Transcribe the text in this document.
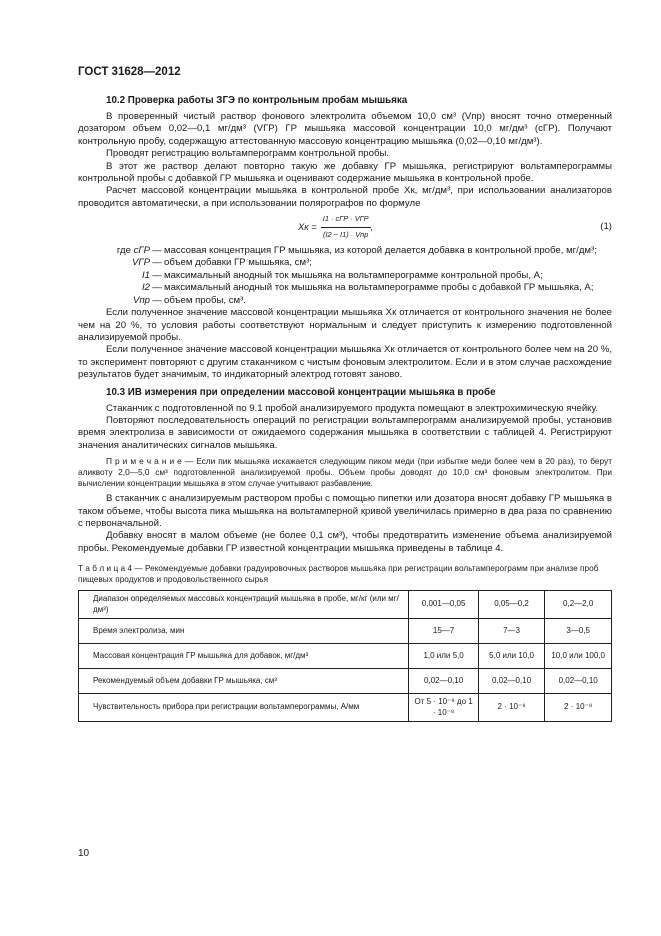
ГОСТ 31628—2012
10.2 Проверка работы ЗГЭ по контрольным пробам мышьяка

В проверенный чистый раствор фонового электролита объемом 10,0 см³ (Vпр) вносят точно отмеренный дозатором объем 0,02—0,1 мг/дм³ (VГР) ГР мышьяка массовой концентрации 10,0 мг/дм³ (cГР). Получают контрольную пробу, содержащую аттестованную массовую концентрацию мышьяка (0,02—0,10 мг/дм³).

Проводят регистрацию вольтамперограмм контрольной пробы.

В этот же раствор делают повторно такую же добавку ГР мышьяка, регистрируют вольтамперограммы контрольной пробы с добавкой ГР мышьяка и оценивают содержание мышьяка в контрольной пробе.

Расчет массовой концентрации мышьяка в контрольной пробе Xк, мг/дм³, при использовании анализаторов проводится автоматически, а при использовании полярографов по формуле

Xк = $\frac{\text{I1 · cГР · VГР}}{\text{(I2 − I1) · Vпр}}$ ,	(1)
где cГР — массовая концентрация ГР мышьяка, из которой делается добавка в контрольной пробе, мг/дм³;
VГР — объем добавки ГР мышьяка, см³;
I1 — максимальный анодный ток мышьяка на вольтамперограмме контрольной пробы, А;
I2 — максимальный анодный ток мышьяка на вольтамперограмме пробы с добавкой ГР мышьяка, А;
Vпр — объем пробы, см³.

Если полученное значение массовой концентрации мышьяка Xк отличается от контрольного значения не более чем на 20 %, то условия работы соответствуют нормальным и следует приступить к измерению подготовленной анализируемой пробы.

Если полученное значение массовой концентрации мышьяка Xк отличается от контрольного более чем на 20 %, то эксперимент повторяют с другим стаканчиком с чистым фоновым электролитом. Если и в этом случае расхождение результатов будет значимым, то индикаторный электрод готовят заново.

10.3 ИВ измерения при определении массовой концентрации мышьяка в пробе

Стаканчик с подготовленной по 9.1 пробой анализируемого продукта помещают в электрохимическую ячейку.

Повторяют последовательность операций по регистрации вольтамперограмм анализируемой пробы, установив время электролиза в зависимости от ожидаемого содержания мышьяка в соответствии с таблицей 4. Регистрируют значения аналитических сигналов мышьяка.

П р и м е ч а н и е — Если пик мышьяка искажается следующим пиком меди (при избытке меди более чем в 20 раз), то берут аликвоту 2,0—5,0 см³ подготовленной анализируемой пробы. Объем пробы доводят до 10,0 см³ фоновым электролитом. При вычислении концентрации мышьяка в этом случае учитывают разбавление.

В стаканчик с анализируемым раствором пробы с помощью пипетки или дозатора вносят добавку ГР мышьяка в таком объеме, чтобы высота пика мышьяка на вольтамперной кривой увеличилась примерно в два раза по сравнению с первоначальной.

Добавку вносят в малом объеме (не более 0,1 см³), чтобы предотвратить изменение объема анализируемой пробы. Рекомендуемые добавки ГР известной концентрации мышьяка приведены в таблице 4.

Т а б л и ц а 4 — Рекомендуемые добавки градуировочных растворов мышьяка при регистрации вольтамперограмм при анализе проб пищевых продуктов и продовольственного сырья
Диапазон определяемых массовых концентраций мышьяка в пробе, мг/кг (или мг/дм³)	0,001—0,05	0,05—0,2	0,2—2,0
Время электролиза, мин	15—7	7—3	3—0,5
Массовая концентрация ГР мышьяка для добавок, мг/дм³	1,0 или 5,0	5,0 или 10,0	10,0 или 100,0
Рекомендуемый объем добавки ГР мышьяка, см³	0,02—0,10	0,02—0,10	0,02—0,10
Чувствительность прибора при регистрации вольтамперограммы, А/мм	От 5 · 10⁻⁹ до 1 · 10⁻⁸	2 · 10⁻⁸	2 · 10⁻⁸
10
